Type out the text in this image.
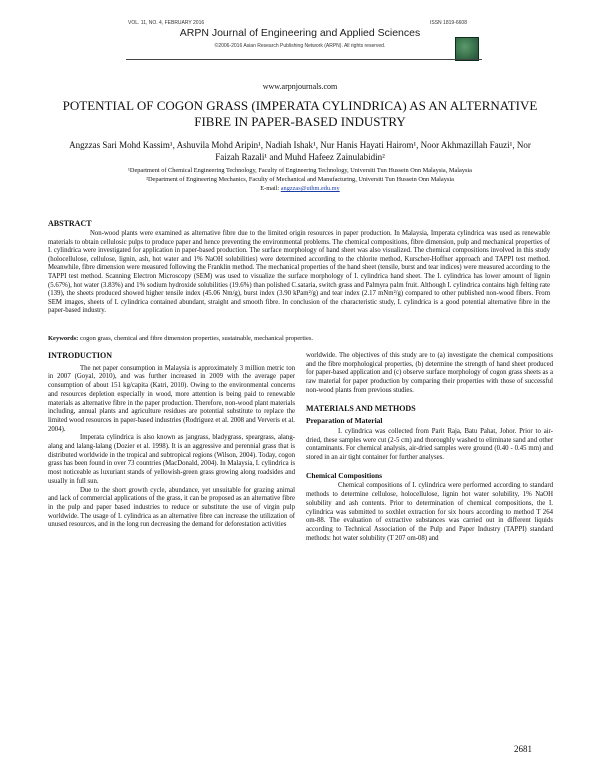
VOL. 11, NO. 4, FEBRUARY 2016	ISSN 1819-6608
ARPN Journal of Engineering and Applied Sciences
©2006-2016 Asian Research Publishing Network (ARPN). All rights reserved.
www.arpnjournals.com
POTENTIAL OF COGON GRASS (IMPERATA CYLINDRICA) AS AN ALTERNATIVE FIBRE IN PAPER-BASED INDUSTRY
Angzzas Sari Mohd Kassim¹, Ashuvila Mohd Aripin¹, Nadiah Ishak¹, Nur Hanis Hayati Hairom¹, Noor Akhmazillah Fauzi¹, Nor Faizah Razali¹ and Muhd Hafeez Zainulabidin²
¹Department of Chemical Engineering Technology, Faculty of Engineering Technology, Universiti Tun Hussein Onn Malaysia, Malaysia
²Department of Engineering Mechanics, Faculty of Mechanical and Manufacturing, Universiti Tun Hussein Onn Malaysia
E-mail: angzzas@uthm.edu.my
ABSTRACT
Non-wood plants were examined as alternative fibre due to the limited origin resources in paper production. In Malaysia, Imperata cylindrica was used as renewable materials to obtain cellulosic pulps to produce paper and hence preventing the environmental problems. The chemical compositions, fibre dimension, pulp and mechanical properties of I. cylindrica were investigated for application in paper-based production. The surface morphology of hand sheet was also visualized. The chemical compositions involved in this study (holocellulose, cellulose, lignin, ash, hot water and 1% NaOH solubilities) were determined according to the chlorite method, Kurscher-Hoffner approach and TAPPI test method. Meanwhile, fibre dimension were measured following the Franklin method. The mechanical properties of the hand sheet (tensile, burst and tear indices) were measured according to the TAPPI test method. Scanning Electron Microscopy (SEM) was used to visualize the surface morphology of I. cylindrica hand sheet. The I. cylindrica has lower amount of lignin (5.67%), hot water (3.83%) and 1% sodium hydroxide solubilities (19.6%) than polished C.sataria, switch grass and Palmyra palm fruit. Although I. cylindrica contains high felting rate (139), the sheets produced showed higher tensile index (45.06 Nm/g), burst index (3.90 kPam²/g) and tear index (2.17 mNm²/g) compared to other published non-wood fibers. From SEM images, sheets of I. cylindrica contained abundant, straight and smooth fibre. In conclusion of the characteristic study, I. cylindrica is a good potential alternative fibre in the paper-based industry.
Keywords: cogon grass, chemical and fibre dimension properties, sustainable, mechanical properties.
INTRODUCTION

The net paper consumption in Malaysia is approximately 3 million metric ton in 2007 (Goyal, 2010), and was further increased in 2009 with the average paper consumption of about 151 kg/capita (Katri, 2010). Owing to the environmental concerns and resources depletion especially in wood, more attention is being paid to renewable materials as alternative fibre in the paper production. Therefore, non-wood plant materials including, annual plants and agriculture residues are potential substitute to replace the limited wood resources in paper-based industries (Rodriguez et al. 2008 and Ververis et al. 2004).

Imperata cylindrica is also known as jangrass, bladygrass, speargrass, alang-alang and lalang-lalang (Dozier et al. 1998). It is an aggressive and perennial grass that is distributed worldwide in the tropical and subtropical regions (Wilson, 2004). Today, cogon grass has been found in over 73 countries (MacDonald, 2004). In Malaysia, I. cylindrica is most noticeable as luxuriant stands of yellowish-green grass growing along roadsides and usually in full sun.

Due to the short growth cycle, abundance, yet unsuitable for grazing animal and lack of commercial applications of the grass, it can be proposed as an alternative fibre in the pulp and paper based industries to reduce or substitute the use of virgin pulp worldwide. The usage of I. cylindrica as an alternative fibre can increase the utilization of unused resources, and in the long run decreasing the demand for deforestation activities

worldwide. The objectives of this study are to (a) investigate the chemical compositions and the fibre morphological properties, (b) determine the strength of hand sheet produced for paper-based application and (c) observe surface morphology of cogon grass sheets as a raw material for paper production by comparing their properties with those of successful non-wood plants from previous studies.

MATERIALS AND METHODS
Preparation of Material

I. cylindrica was collected from Parit Raja, Batu Pahat, Johor. Prior to air-dried, these samples were cut (2-5 cm) and thoroughly washed to eliminate sand and other contaminants. For chemical analysis, air-dried samples were ground (0.40 - 0.45 mm) and stored in an air tight container for further analyses.

Chemical Compositions

Chemical compositions of I. cylindrica were performed according to standard methods to determine cellulose, holocellulose, lignin hot water solubility, 1% NaOH solubility and ash contents. Prior to determination of chemical compositions, the I. cylindrica was submitted to soxhlet extraction for six hours according to method T 264 om-88. The evaluation of extractive substances was carried out in different liquids according to Technical Association of the Pulp and Paper Industry (TAPPI) standard methods: hot water solubility (T 207 om-08) and

2681
